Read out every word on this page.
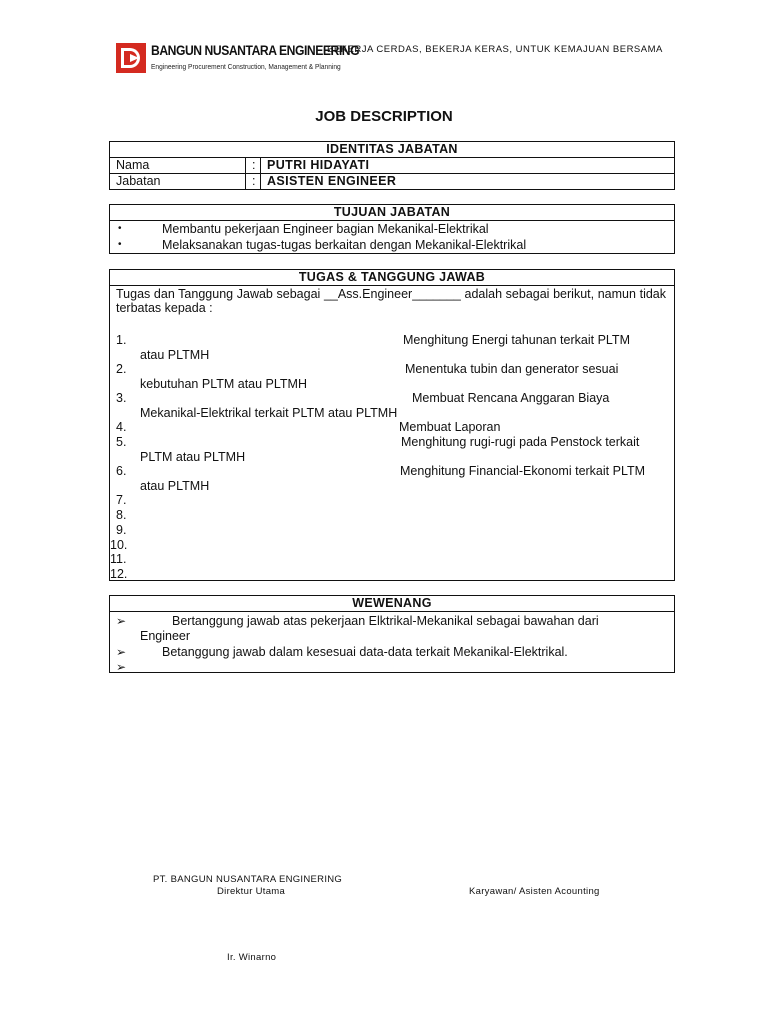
BANGUN NUSANTARA ENGINEERING
Engineering Procurement Construction, Management & Planning
BEKERJA CERDAS, BEKERJA KERAS, UNTUK KEMAJUAN BERSAMA
JOB DESCRIPTION
IDENTITAS JABATAN
Nama	:	PUTRI HIDAYATI
Jabatan	:	ASISTEN ENGINEER
TUJUAN JABATAN
•	Membantu pekerjaan Engineer bagian Mekanikal-Elektrikal
•	Melaksanakan tugas-tugas berkaitan dengan Mekanikal-Elektrikal
TUGAS & TANGGUNG JAWAB
Tugas dan Tanggung Jawab sebagai __Ass.Engineer_______ adalah sebagai berikut, namun tidak terbatas kepada :
1.	Menghitung Energi tahunan terkait PLTM
atau PLTMH
2.	Menentuka tubin dan generator sesuai
kebutuhan PLTM atau PLTMH
3.	Membuat Rencana Anggaran Biaya
Mekanikal-Elektrikal terkait PLTM atau PLTMH
4.	Membuat Laporan
5.	Menghitung rugi-rugi pada Penstock terkait
PLTM atau PLTMH
6.	Menghitung Financial-Ekonomi terkait PLTM
atau PLTMH
7.
8.
9.
10.
11.
12.
WEWENANG
➢	Bertanggung jawab atas pekerjaan Elktrikal-Mekanikal sebagai bawahan dari
Engineer
➢	Betanggung jawab dalam kesesuai data-data terkait Mekanikal-Elektrikal.
➢
PT. BANGUN NUSANTARA ENGINERING
Direktur Utama	Karyawan/ Asisten Acounting
Ir. Winarno
